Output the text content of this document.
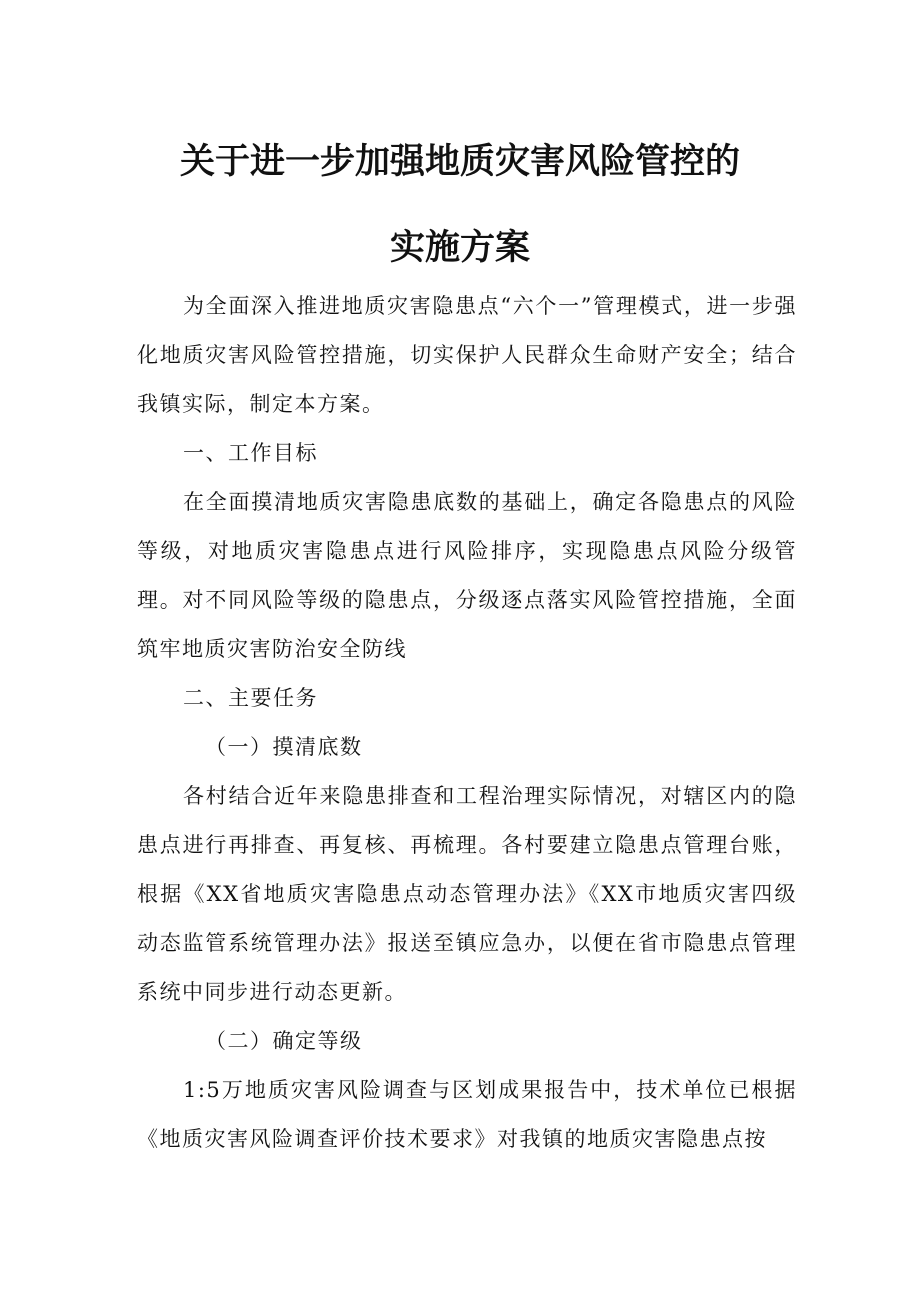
关于进一步加强地质灾害风险管控的
实施方案

为全面深入推进地质灾害隐患点“六个一”管理模式，进一步强化地质灾害风险管控措施，切实保护人民群众生命财产安全；结合我镇实际，制定本方案。

一、工作目标

在全面摸清地质灾害隐患底数的基础上，确定各隐患点的风险等级，对地质灾害隐患点进行风险排序，实现隐患点风险分级管理。对不同风险等级的隐患点，分级逐点落实风险管控措施，全面筑牢地质灾害防治安全防线

二、主要任务

（一）摸清底数

各村结合近年来隐患排查和工程治理实际情况，对辖区内的隐患点进行再排查、再复核、再梳理。各村要建立隐患点管理台账，根据《XX省地质灾害隐患点动态管理办法》《XX市地质灾害四级动态监管系统管理办法》报送至镇应急办，以便在省市隐患点管理系统中同步进行动态更新。

（二）确定等级

1:5万地质灾害风险调查与区划成果报告中，技术单位已根据《地质灾害风险调查评价技术要求》对我镇的地质灾害隐患点按
